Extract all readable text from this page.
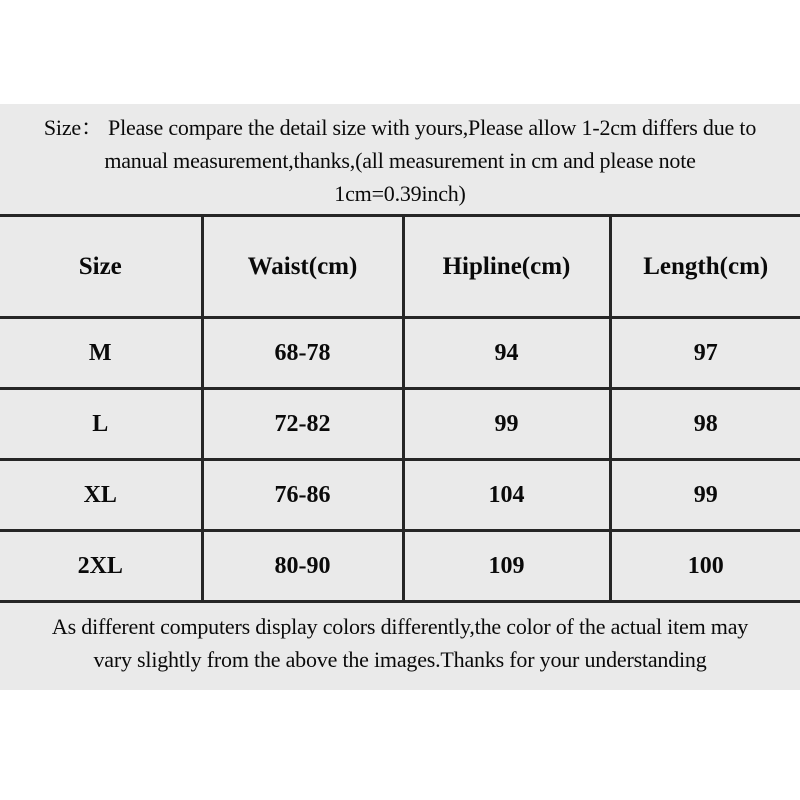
Size： Please compare the detail size with yours,Please allow 1-2cm differs due to
manual measurement,thanks,(all measurement in cm and please note
1cm=0.39inch)
Size	Waist(cm)	Hipline(cm)	Length(cm)
M	68-78	94	97
L	72-82	99	98
XL	76-86	104	99
2XL	80-90	109	100
As different computers display colors differently,the color of the actual item may
vary slightly from the above the images.Thanks for your understanding
